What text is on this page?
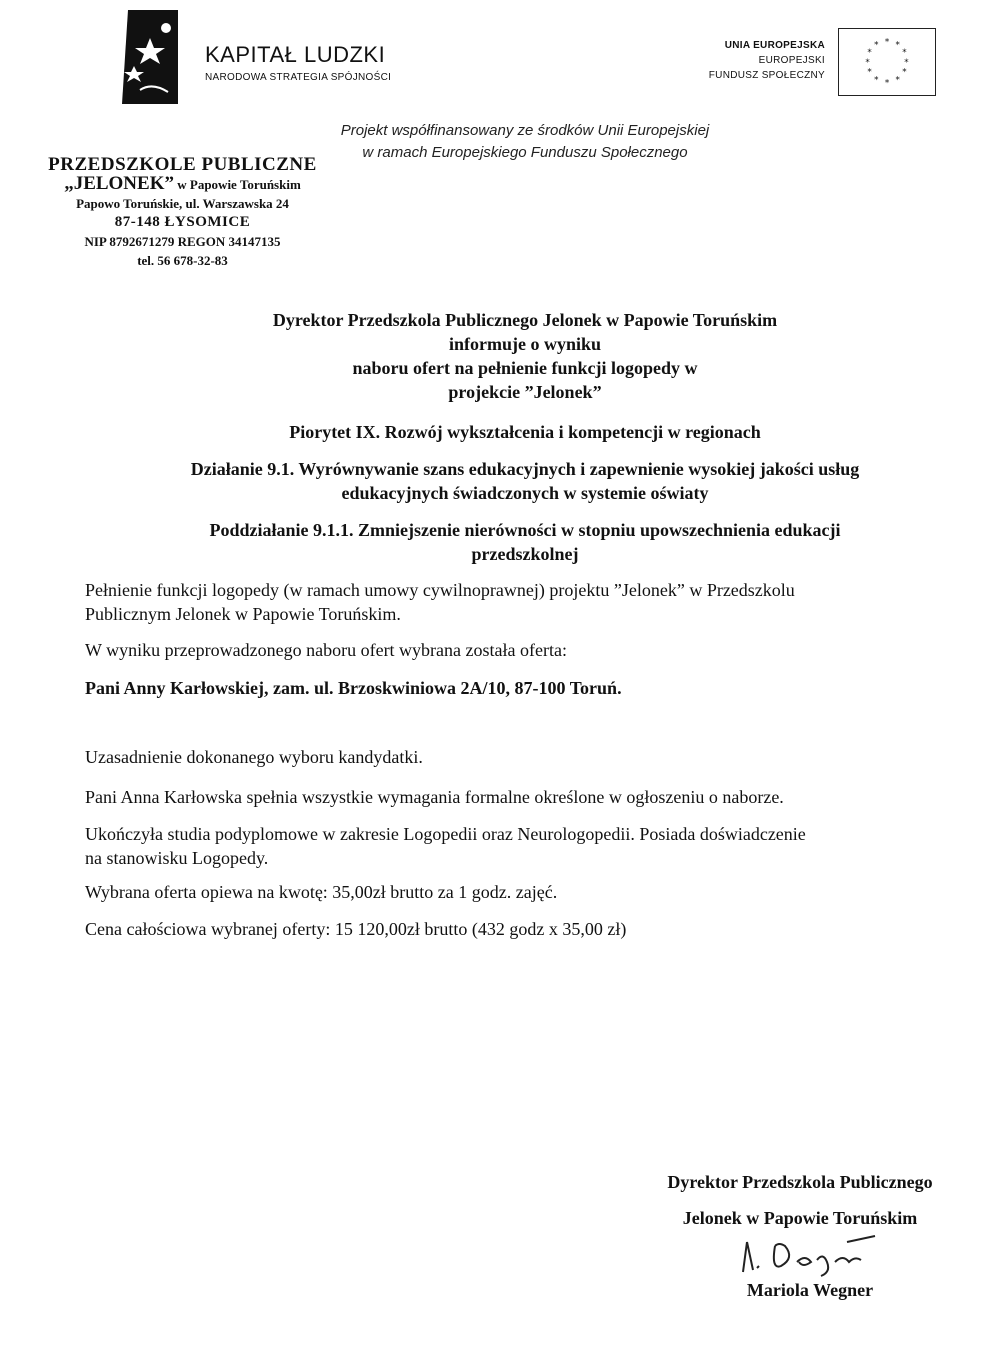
KAPITAŁ LUDZKI
NARODOWA STRATEGIA SPÓJNOŚCI
UNIA EUROPEJSKA
EUROPEJSKI
FUNDUSZ SPOŁECZNY
* *
*
*
*
*
*
*
*
*
*
*
Projekt współfinansowany ze środków Unii Europejskiej
w ramach Europejskiego Funduszu Społecznego
PRZEDSZKOLE PUBLICZNE
„JELONEK” w Papowie Toruńskim
Papowo Toruńskie, ul. Warszawska 24
87-148 ŁYSOMICE
NIP 8792671279 REGON 34147135
tel. 56 678-32-83
Dyrektor Przedszkola Publicznego Jelonek w Papowie Toruńskim
informuje o wyniku
naboru ofert na pełnienie funkcji logopedy w
projekcie ”Jelonek”
Piorytet IX. Rozwój wykształcenia i kompetencji w regionach
Działanie 9.1. Wyrównywanie szans edukacyjnych i zapewnienie wysokiej jakości usług
edukacyjnych świadczonych w systemie oświaty
Poddziałanie 9.1.1. Zmniejszenie nierówności w stopniu upowszechnienia edukacji
przedszkolnej
Pełnienie funkcji logopedy (w ramach umowy cywilnoprawnej) projektu ”Jelonek” w Przedszkolu
Publicznym Jelonek w Papowie Toruńskim.
W wyniku przeprowadzonego naboru ofert wybrana została oferta:
Pani Anny Karłowskiej, zam. ul. Brzoskwiniowa 2A/10, 87-100 Toruń.
Uzasadnienie dokonanego wyboru kandydatki.
Pani Anna Karłowska spełnia wszystkie wymagania formalne określone w ogłoszeniu o naborze.
Ukończyła studia podyplomowe w zakresie Logopedii oraz Neurologopedii. Posiada doświadczenie
na stanowisku Logopedy.
Wybrana oferta opiewa na kwotę: 35,00zł brutto za 1 godz. zajęć.
Cena całościowa wybranej oferty: 15 120,00zł brutto (432 godz x 35,00 zł)
Dyrektor Przedszkola Publicznego
Jelonek w Papowie Toruńskim
Mariola Wegner
